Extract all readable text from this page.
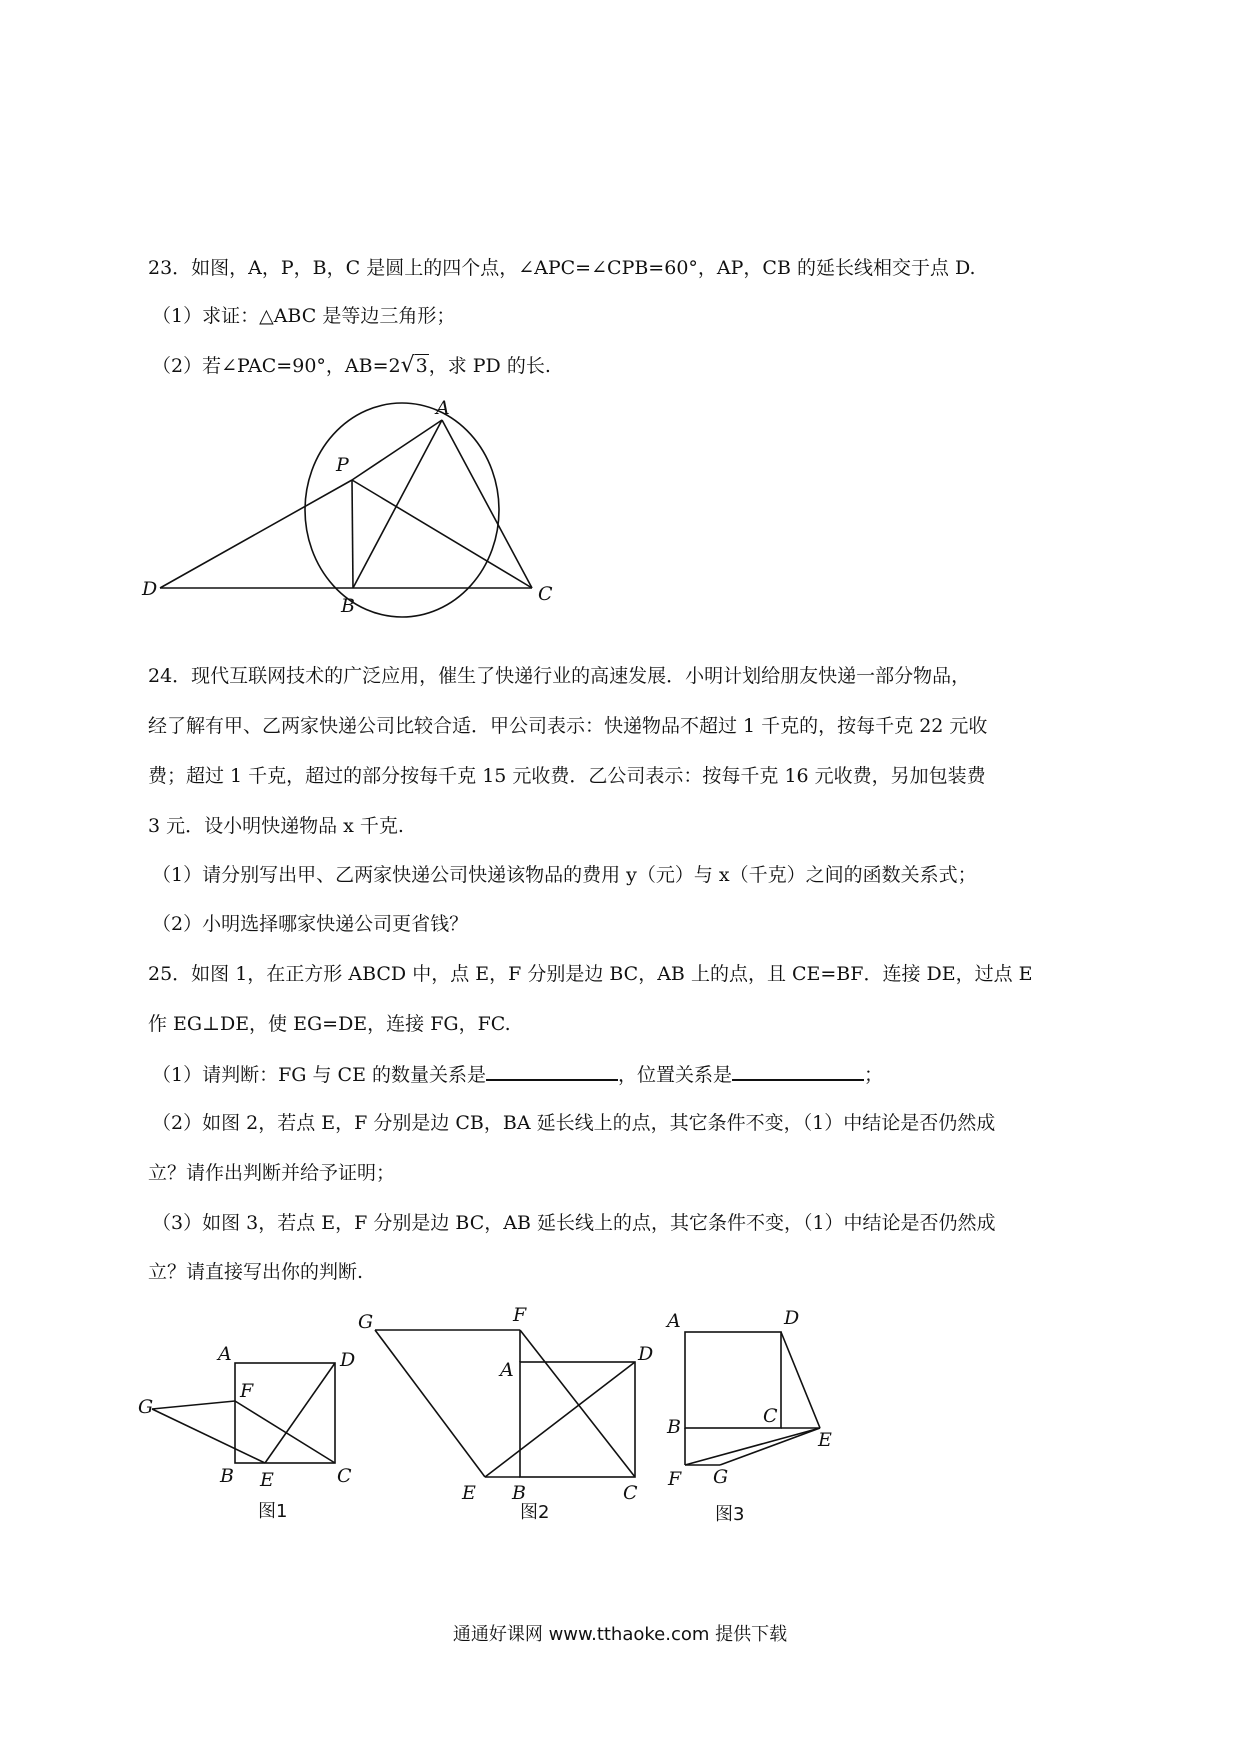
23．如图，A，P，B，C 是圆上的四个点，∠APC=∠CPB=60°，AP，CB 的延长线相交于点 D.
（1）求证：△ABC 是等边三角形；
（2）若∠PAC=90°，AB=2√3，求 PD 的长.
A
P
B
C
D
24．现代互联网技术的广泛应用，催生了快递行业的高速发展．小明计划给朋友快递一部分物品，
经了解有甲、乙两家快递公司比较合适．甲公司表示：快递物品不超过 1 千克的，按每千克 22 元收
费；超过 1 千克，超过的部分按每千克 15 元收费．乙公司表示：按每千克 16 元收费，另加包装费
3 元．设小明快递物品 x 千克.
（1）请分别写出甲、乙两家快递公司快递该物品的费用 y（元）与 x（千克）之间的函数关系式；
（2）小明选择哪家快递公司更省钱？
25．如图 1，在正方形 ABCD 中，点 E，F 分别是边 BC，AB 上的点，且 CE=BF．连接 DE，过点 E
作 EG⊥DE，使 EG=DE，连接 FG，FC.
（1）请判断：FG 与 CE 的数量关系是	，位置关系是	；
（2）如图 2，若点 E，F 分别是边 CB，BA 延长线上的点，其它条件不变，（1）中结论是否仍然成
立？请作出判断并给予证明；
（3）如图 3，若点 E，F 分别是边 BC，AB 延长线上的点，其它条件不变，（1）中结论是否仍然成
立？请直接写出你的判断.
A	D
G
F
B E	C
图1
G	F
A
D
E B	C
图2
A	D
B	C
E
F G
图3
通通好课网 www.tthaoke.com 提供下载
